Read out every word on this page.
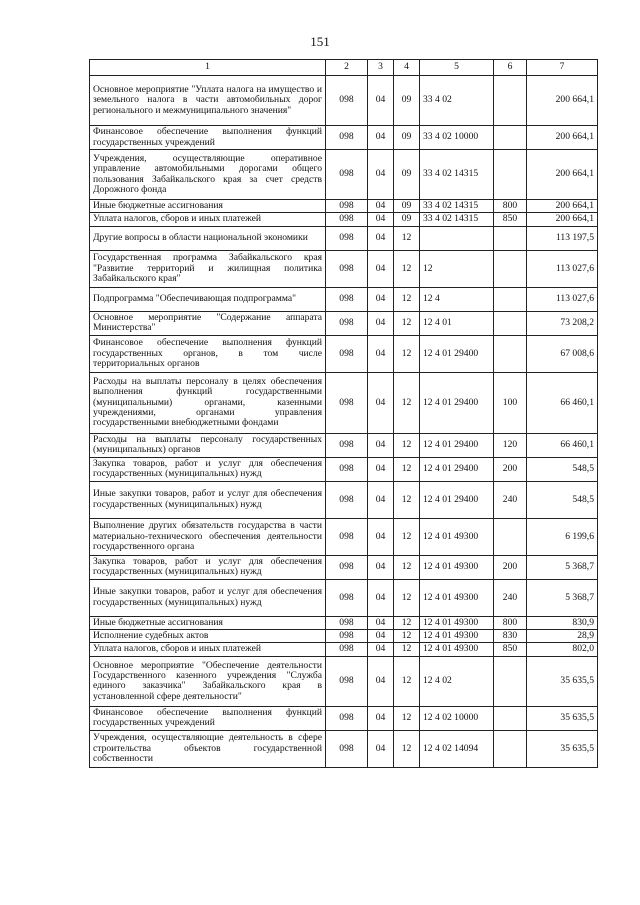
151
1	2	3	4	5	6	7
Основное мероприятие "Уплата налога на имущество и земельного налога в части автомобильных дорог регионального и межмуниципального значения"	098	04	09	33 4 02		200 664,1
Финансовое обеспечение выполнения функций государственных учреждений	098	04	09	33 4 02 10000		200 664,1
Учреждения, осуществляющие оперативное управление автомобильными дорогами общего пользования Забайкальского края за счет средств Дорожного фонда	098	04	09	33 4 02 14315		200 664,1
Иные бюджетные ассигнования	098	04	09	33 4 02 14315	800	200 664,1
Уплата налогов, сборов и иных платежей	098	04	09	33 4 02 14315	850	200 664,1
Другие вопросы в области национальной экономики	098	04	12			113 197,5
Государственная программа Забайкальского края "Развитие территорий и жилищная политика Забайкальского края"	098	04	12	12		113 027,6
Подпрограмма "Обеспечивающая подпрограмма"	098	04	12	12 4		113 027,6
Основное мероприятие "Содержание аппарата Министерства"	098	04	12	12 4 01		73 208,2
Финансовое обеспечение выполнения функций государственных органов, в том числе территориальных органов	098	04	12	12 4 01 29400		67 008,6
Расходы на выплаты персоналу в целях обеспечения выполнения функций государственными (муниципальными) органами, казенными учреждениями, органами управления государственными внебюджетными фондами	098	04	12	12 4 01 29400	100	66 460,1
Расходы на выплаты персоналу государственных (муниципальных) органов	098	04	12	12 4 01 29400	120	66 460,1
Закупка товаров, работ и услуг для обеспечения государственных (муниципальных) нужд	098	04	12	12 4 01 29400	200	548,5
Иные закупки товаров, работ и услуг для обеспечения государственных (муниципальных) нужд	098	04	12	12 4 01 29400	240	548,5
Выполнение других обязательств государства в части материально-технического обеспечения деятельности государственного органа	098	04	12	12 4 01 49300		6 199,6
Закупка товаров, работ и услуг для обеспечения государственных (муниципальных) нужд	098	04	12	12 4 01 49300	200	5 368,7
Иные закупки товаров, работ и услуг для обеспечения государственных (муниципальных) нужд	098	04	12	12 4 01 49300	240	5 368,7
Иные бюджетные ассигнования	098	04	12	12 4 01 49300	800	830,9
Исполнение судебных актов	098	04	12	12 4 01 49300	830	28,9
Уплата налогов, сборов и иных платежей	098	04	12	12 4 01 49300	850	802,0
Основное мероприятие "Обеспечение деятельности Государственного казенного учреждения "Служба единого заказчика" Забайкальского края в установленной сфере деятельности"	098	04	12	12 4 02		35 635,5
Финансовое обеспечение выполнения функций государственных учреждений	098	04	12	12 4 02 10000		35 635,5
Учреждения, осуществляющие деятельность в сфере строительства объектов государственной собственности	098	04	12	12 4 02 14094		35 635,5
